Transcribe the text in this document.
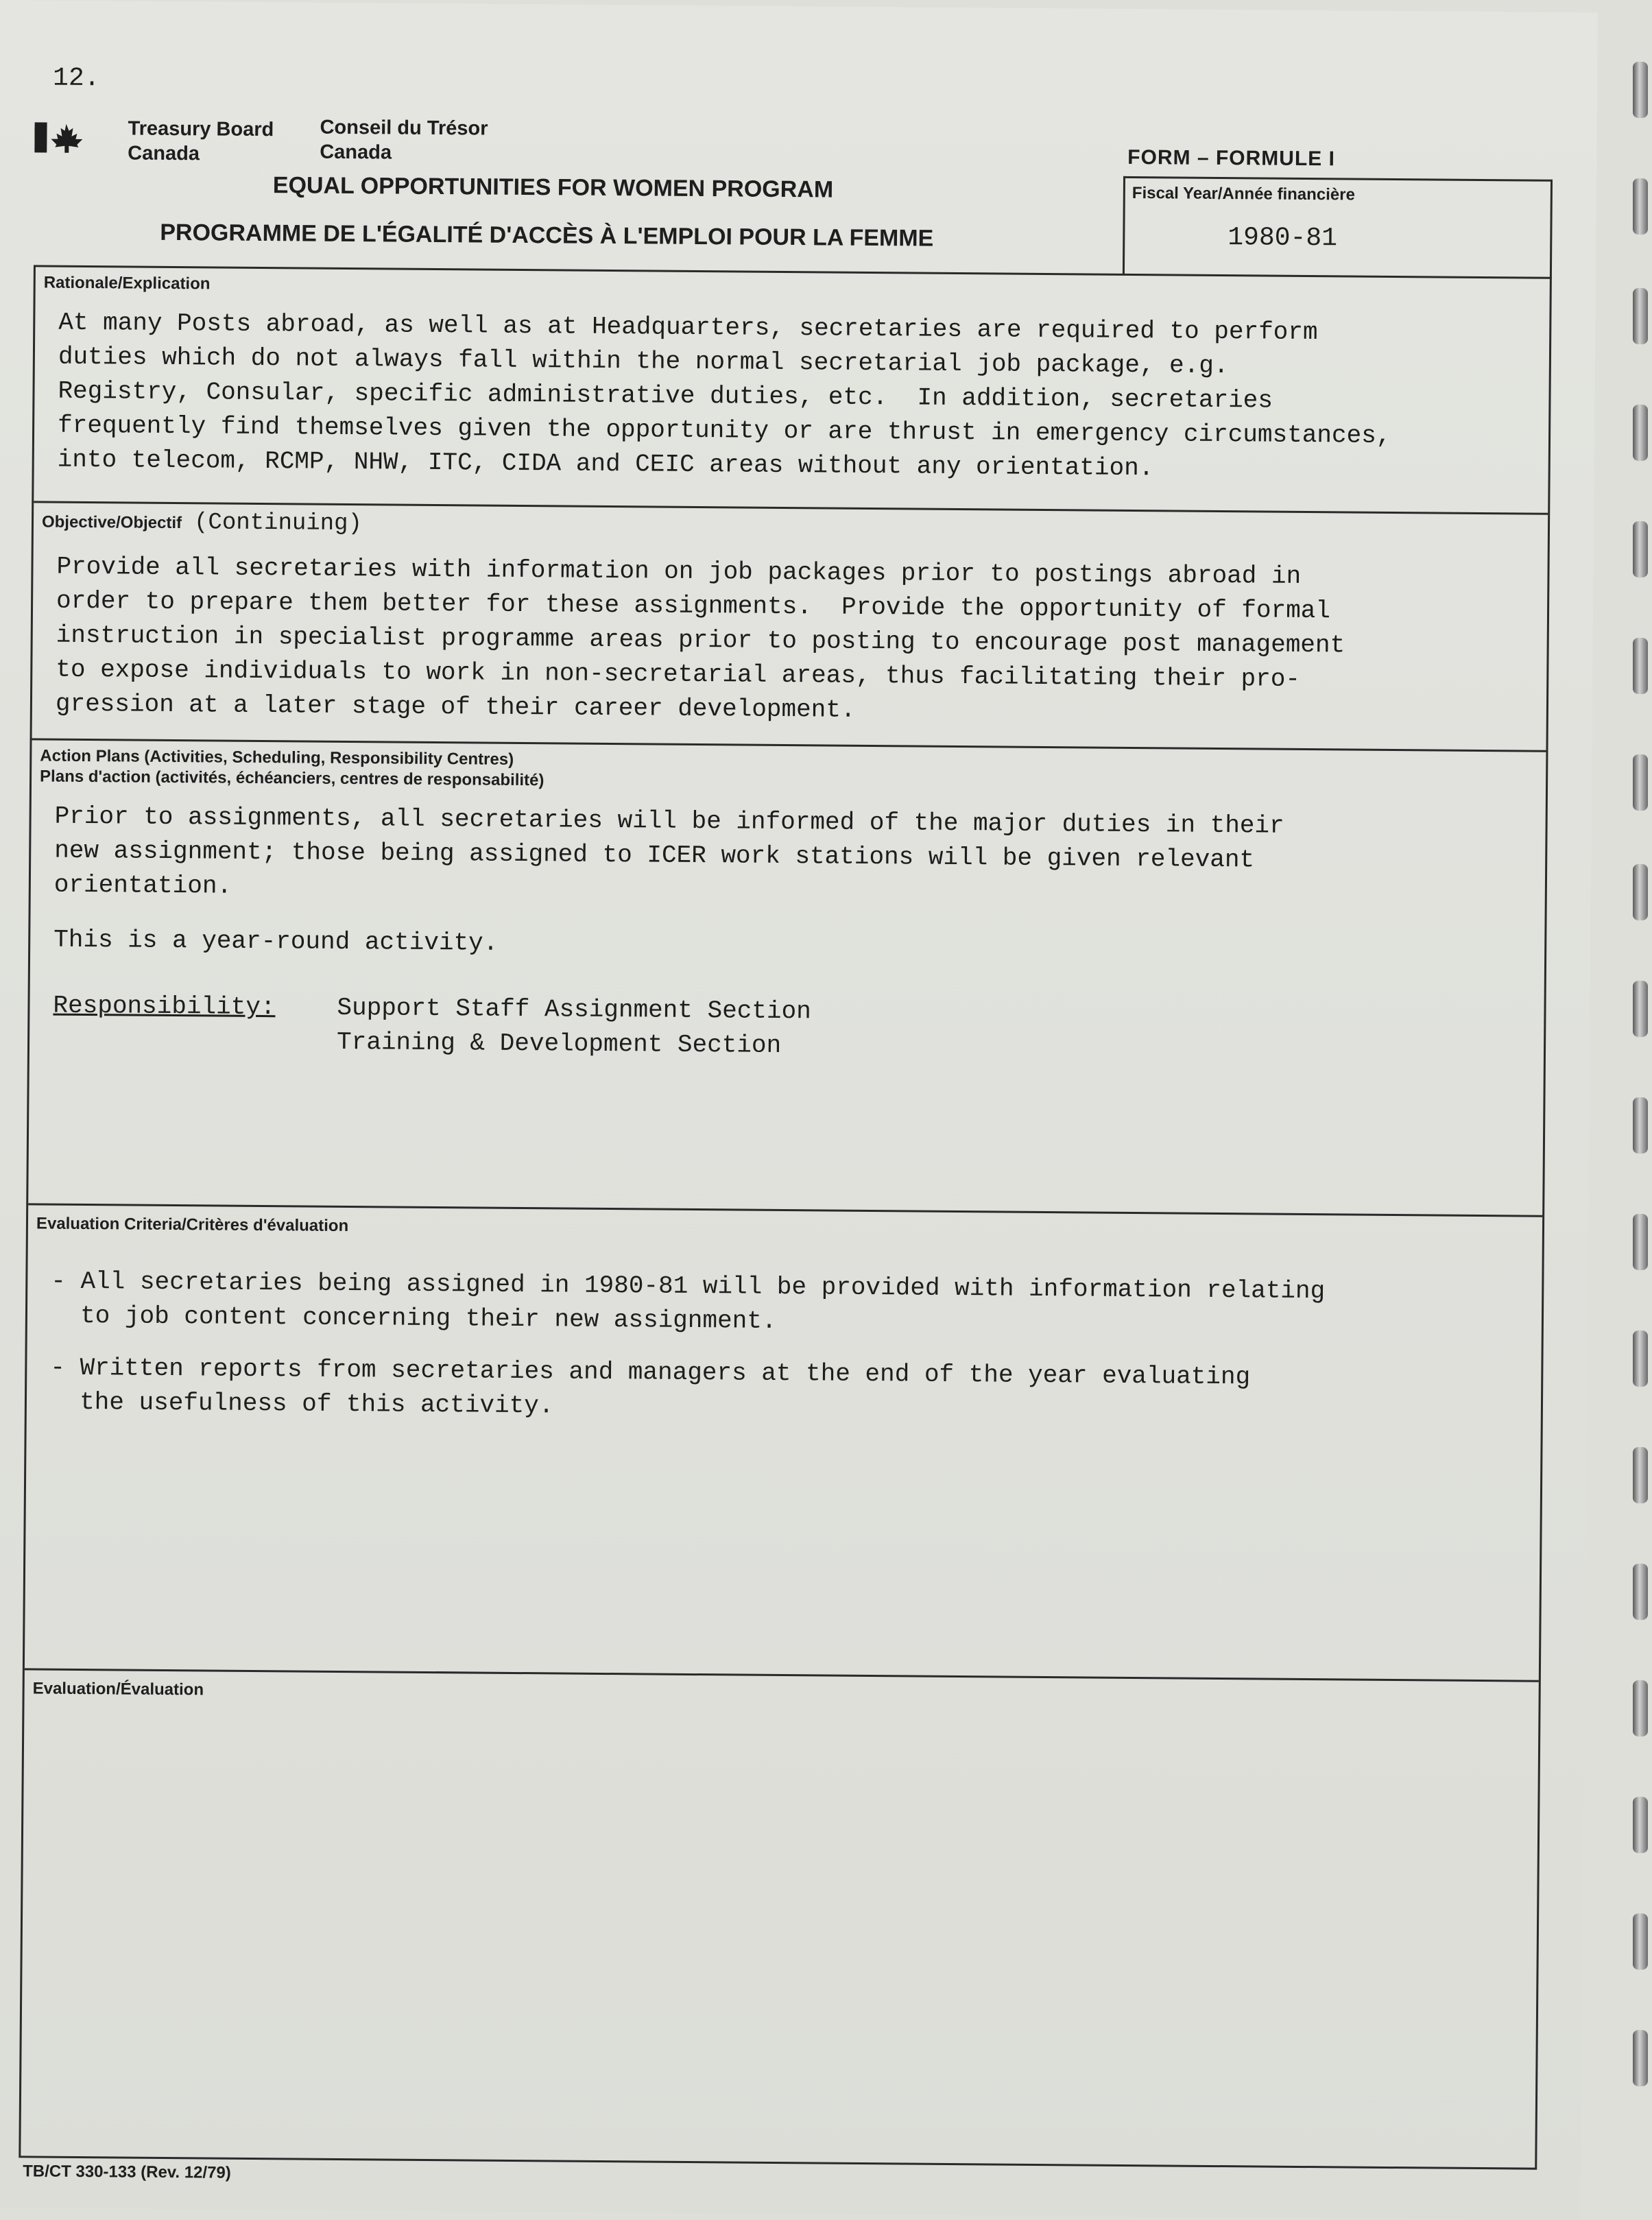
12.
Treasury Board
Canada
Conseil du Trésor
Canada	FORM – FORMULE I
EQUAL OPPORTUNITIES FOR WOMEN PROGRAM
PROGRAMME DE L'ÉGALITÉ D'ACCÈS À L'EMPLOI POUR LA FEMME
Fiscal Year/Année financière
1980-81
Rationale/Explication
At many Posts abroad, as well as at Headquarters, secretaries are required to perform
duties which do not always fall within the normal secretarial job package, e.g.
Registry, Consular, specific administrative duties, etc.  In addition, secretaries
frequently find themselves given the opportunity or are thrust in emergency circumstances,
into telecom, RCMP, NHW, ITC, CIDA and CEIC areas without any orientation.
Objective/Objectif (Continuing)
Provide all secretaries with information on job packages prior to postings abroad in
order to prepare them better for these assignments.  Provide the opportunity of formal
instruction in specialist programme areas prior to posting to encourage post management
to expose individuals to work in non-secretarial areas, thus facilitating their pro-
gression at a later stage of their career development.
Action Plans (Activities, Scheduling, Responsibility Centres)
Plans d'action (activités, échéanciers, centres de responsabilité)
Prior to assignments, all secretaries will be informed of the major duties in their
new assignment; those being assigned to ICER work stations will be given relevant
orientation.
This is a year-round activity.
Responsibility: Support Staff Assignment Section
Training & Development Section
Evaluation Criteria/Critères d'évaluation
- All secretaries being assigned in 1980-81 will be provided with information relating
to job content concerning their new assignment.
- Written reports from secretaries and managers at the end of the year evaluating
the usefulness of this activity.
Evaluation/Évaluation
TB/CT 330-133 (Rev. 12/79)
